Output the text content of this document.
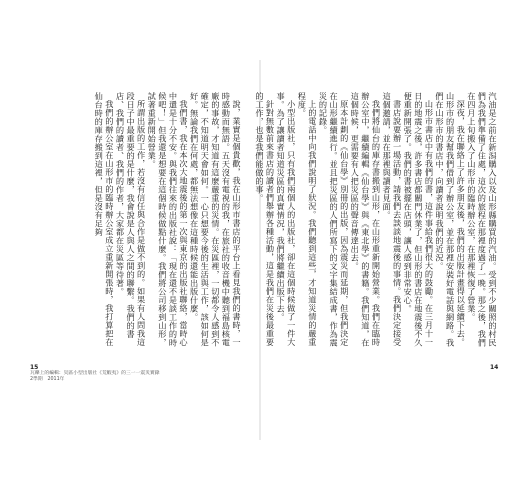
說，業實是個貴歡，我在山形市書店的平台上看見我們的書時，一時感動而無語。五天沒有電視的我，在旅社的收音機中聽到福島核電廠的事故，才知道有這麼嚴重的災情。在災區裡，一切都令人感到不確定，不知道明天會如何。一心只想要今後的生活與工作，該如何是好。無論我們在何處，都無法想像在這種時候還能出版什麼。

我們書，我在本次大地震後的第一次與東京的出版社聯絡，當時心中還是十分不安。與我們往來的出版社說：「現在還不是談工作的時候吧！」但我還是想要在這個時候做點什麼。我們將公司移到山形，試著重新開始營業。

所謂出版的工作，若沒有信任與合作是做不到的。如果有人問我這段日子中最重要的是什麼，我會說是人與人之間的聯繫。我們的書店、我們的讀者、我們的作者，大家都在災區等待著。

我們的辦公室在山形市的臨時辦公室成立重新開張時，我打算把在仙台時的庫存搬到這裡，但是沒有足夠

15
瓦礫上的編輯：災區小型出版社《荒蝦夷》的三一一震災實錄
2學期　2011年

汽油是之前在新潟購入以及山形縣購買的汽油。受到不少關照的村民們為我們準備了住處，這次的旅程在那裡度過了一晚。那之後，我們在四月上旬搬入了山形市的臨時辦公室，在那裡恢復了營業。

深夜，我在聯絡上了許多朋友後，我們的出版計畫得以延續下去。山形市的朋友幫我們借到了辦公室，並在那裡安裝好電話與網路。我們在山形市的書店中，向讀者說明我們的近況。

山形市書店中有我們的書，這件事給我們很大的鼓勵。在三月十一日的地震之後，許多書店都關門休業了，但山形的書店在地震後不久便重新開張了。我們的書被擺在店頭，讓人感到非常安心。

書店說要辦一場活動，請我們去談談地震後的事情。我們決定接受這個邀請，並在那裡與讀者見面。

我們將仙台的庫存書搬到山形，在山形重新開始營業。我們在臨時辦公室中，繼續編輯《仙台學》與《東北學》的書籍。我們知道，在這個時候，更需要有人把災區的聲音傳達出去。

原本計劃的《仙台學》別冊的出版，因為震災而延期，但我們決定在山形繼續進行。並且把災區的人們所寫下的文字集結成書，作為震災的記錄。

上的電話中向我們說明了狀況。我們聽到這些，才知道災情的嚴重程度。

小型出版社，只有我們兩個人的出版社，卻在這個時候做了一件大事。為了讓讀者知道災區的真實情況，我們將繼續出版下去。

針對無數前來書店的讀者們舉辦各種活動，這是我們在災後最重要的工作，也是我們能做的事。

14
